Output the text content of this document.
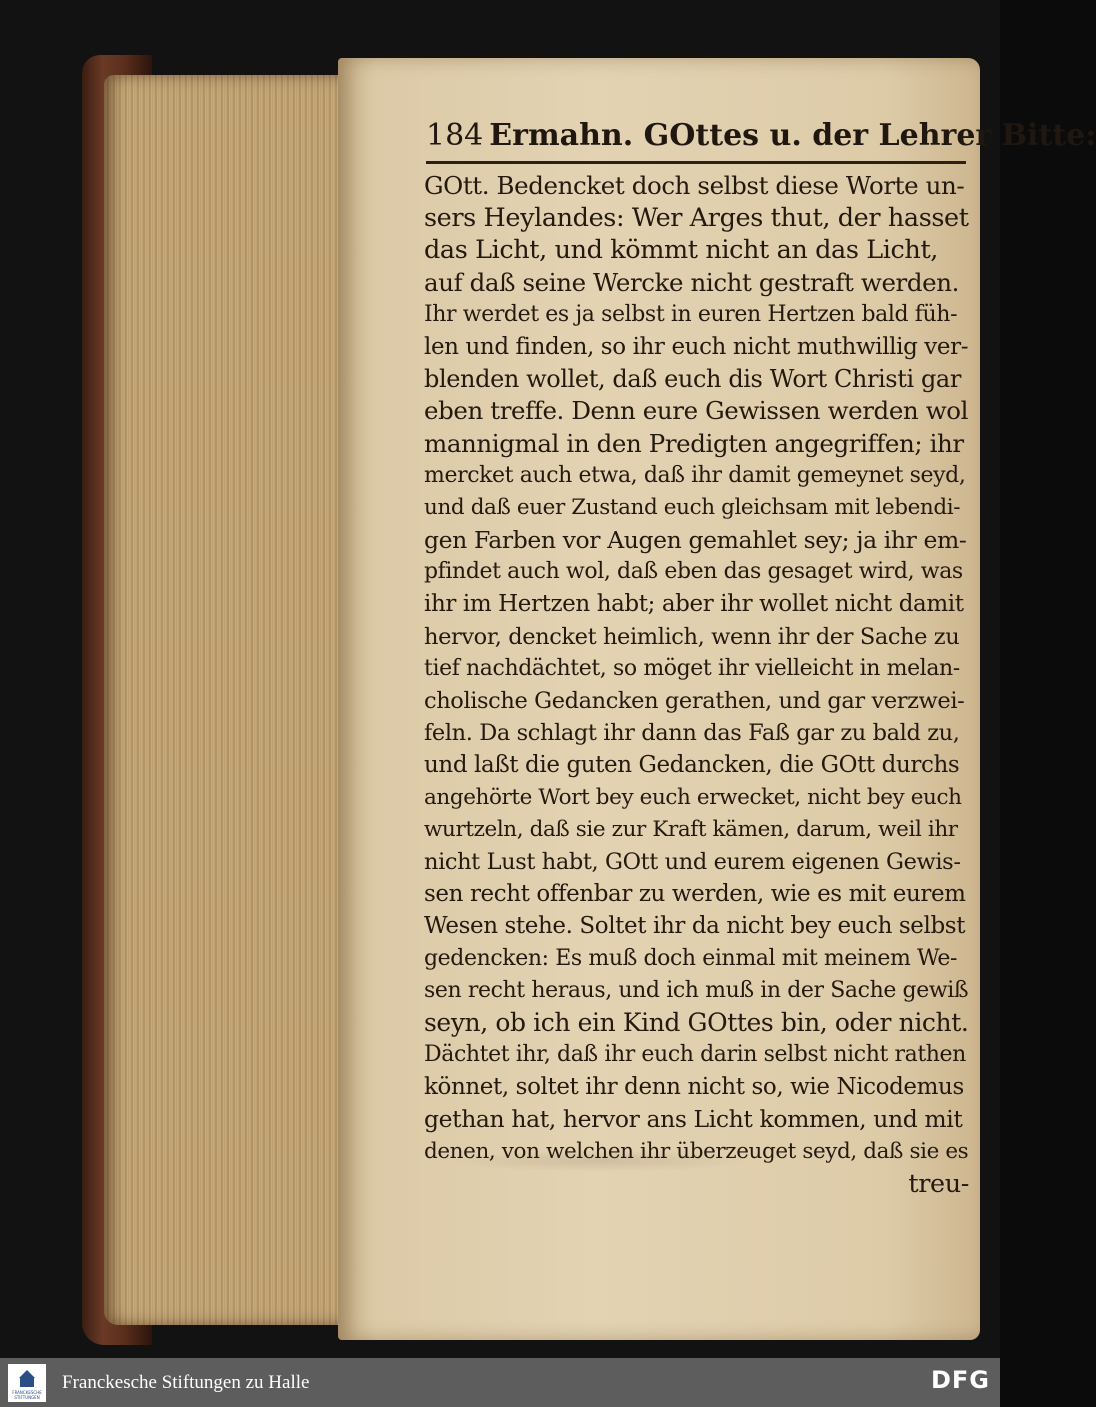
184 Ermahn. GOttes u. der Lehrer Bitte:
GOtt. Bedencket doch selbst diese Worte un-
sers Heylandes: Wer Arges thut, der hasset
das Licht, und kömmt nicht an das Licht,
auf daß seine Wercke nicht gestraft werden.
Ihr werdet es ja selbst in euren Hertzen bald füh-
len und finden, so ihr euch nicht muthwillig ver-
blenden wollet, daß euch dis Wort Christi gar
eben treffe. Denn eure Gewissen werden wol
mannigmal in den Predigten angegriffen; ihr
mercket auch etwa, daß ihr damit gemeynet seyd,
und daß euer Zustand euch gleichsam mit lebendi-
gen Farben vor Augen gemahlet sey; ja ihr em-
pfindet auch wol, daß eben das gesaget wird, was
ihr im Hertzen habt; aber ihr wollet nicht damit
hervor, dencket heimlich, wenn ihr der Sache zu
tief nachdächtet, so möget ihr vielleicht in melan-
cholische Gedancken gerathen, und gar verzwei-
feln. Da schlagt ihr dann das Faß gar zu bald zu,
und laßt die guten Gedancken, die GOtt durchs
angehörte Wort bey euch erwecket, nicht bey euch
wurtzeln, daß sie zur Kraft kämen, darum, weil ihr
nicht Lust habt, GOtt und eurem eigenen Gewis-
sen recht offenbar zu werden, wie es mit eurem
Wesen stehe. Soltet ihr da nicht bey euch selbst
gedencken: Es muß doch einmal mit meinem We-
sen recht heraus, und ich muß in der Sache gewiß
seyn, ob ich ein Kind GOttes bin, oder nicht.
Dächtet ihr, daß ihr euch darin selbst nicht rathen
könnet, soltet ihr denn nicht so, wie Nicodemus
gethan hat, hervor ans Licht kommen, und mit
denen, von welchen ihr überzeuget seyd, daß sie es
treu-
FRANCKESCHE STIFTUNGEN
Franckesche Stiftungen zu Halle	DFG
